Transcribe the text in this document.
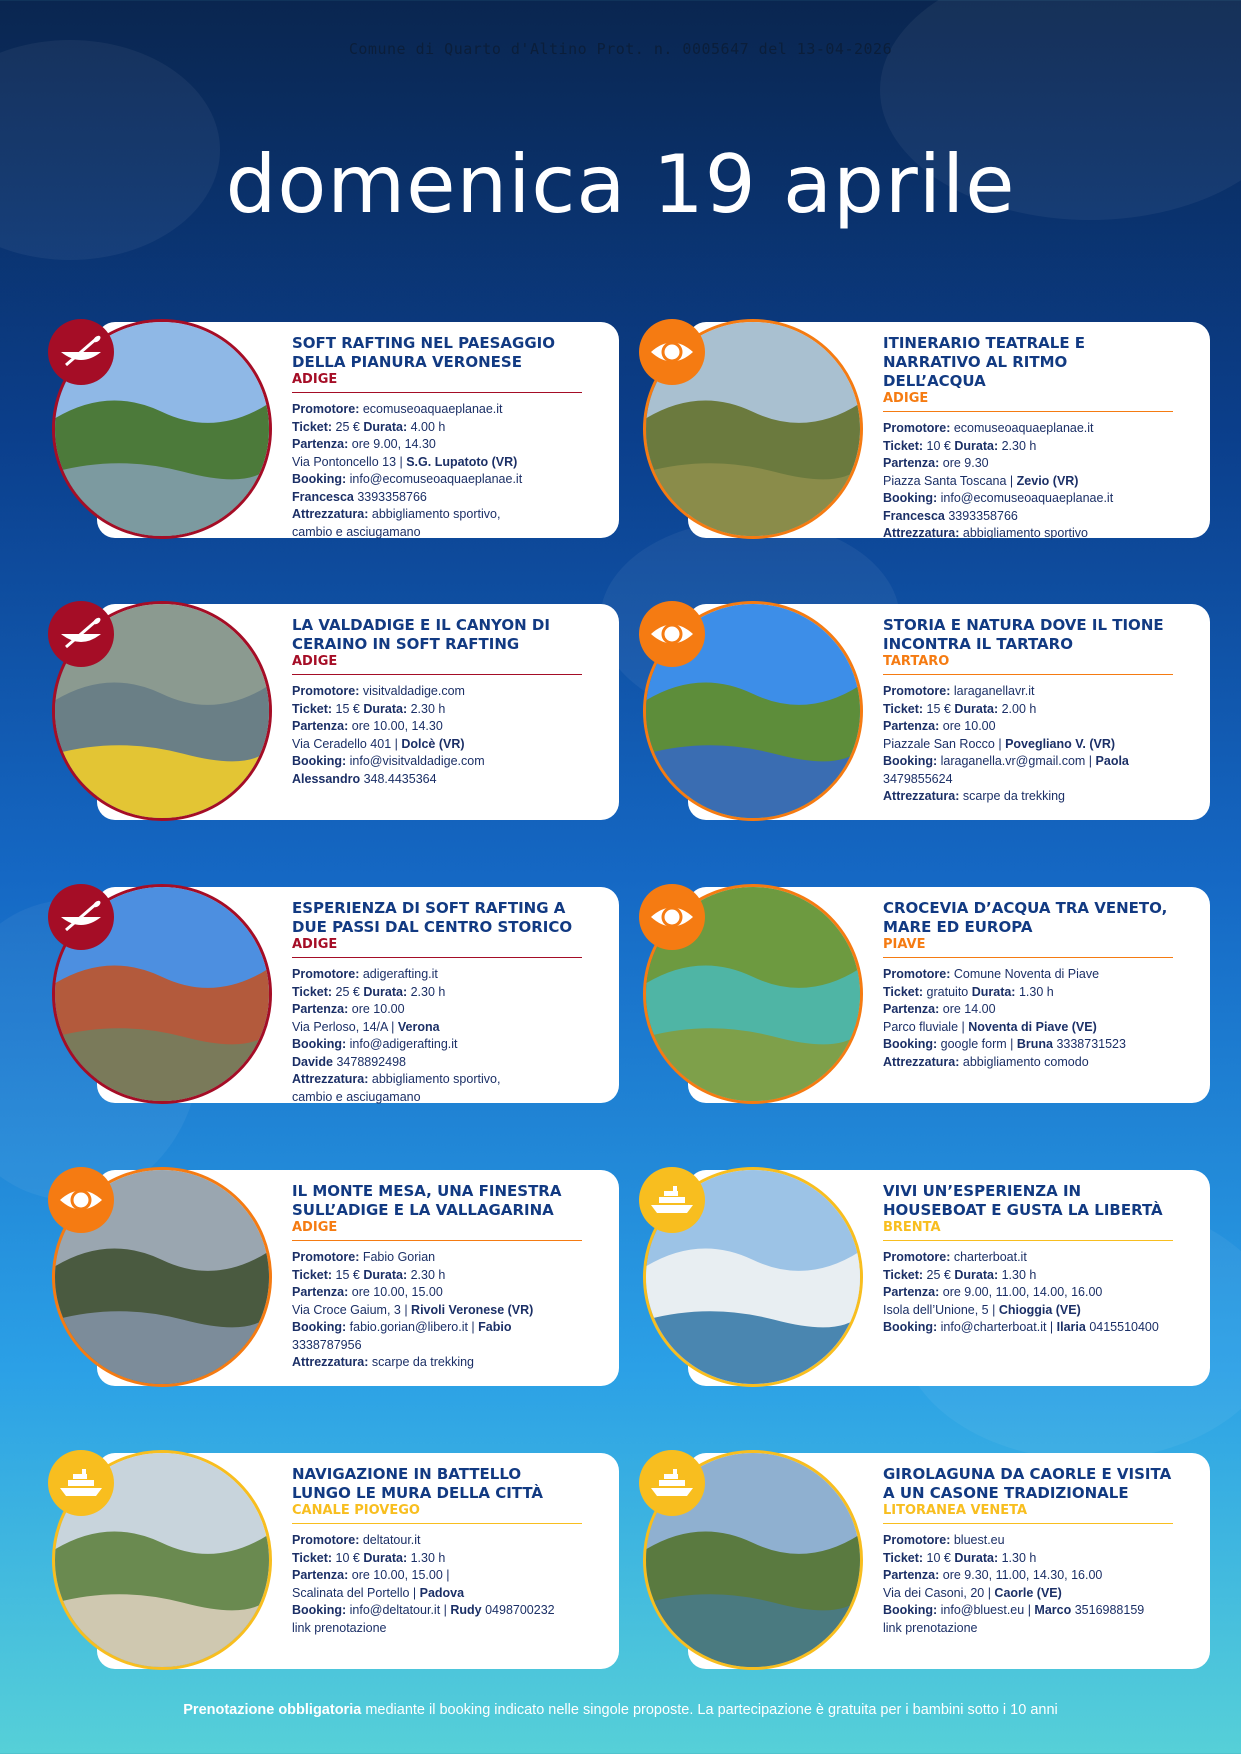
Comune di Quarto d'Altino Prot. n. 0005647 del 13-04-2026
domenica 19 aprile
SOFT RAFTING NEL PAESAGGIO DELLA PIANURA VERONESE
ADIGE
Promotore: ecomuseoaquaeplanae.it
Ticket: 25 € Durata: 4.00 h
Partenza: ore 9.00, 14.30
Via Pontoncello 13 | S.G. Lupatoto (VR)
Booking: info@ecomuseoaquaeplanae.it
Francesca 3393358766
Attrezzatura: abbigliamento sportivo,
cambio e asciugamano
ITINERARIO TEATRALE E NARRATIVO AL RITMO DELL’ACQUA
ADIGE
Promotore: ecomuseoaquaeplanae.it
Ticket: 10 € Durata: 2.30 h
Partenza: ore 9.30
Piazza Santa Toscana | Zevio (VR)
Booking: info@ecomuseoaquaeplanae.it
Francesca 3393358766
Attrezzatura: abbigliamento sportivo
LA VALDADIGE E IL CANYON DI CERAINO IN SOFT RAFTING
ADIGE
Promotore: visitvaldadige.com
Ticket: 15 € Durata: 2.30 h
Partenza: ore 10.00, 14.30
Via Ceradello 401 | Dolcè (VR)
Booking: info@visitvaldadige.com
Alessandro 348.4435364
STORIA E NATURA DOVE IL TIONE INCONTRA IL TARTARO
TARTARO
Promotore: laraganellavr.it
Ticket: 15 € Durata: 2.00 h
Partenza: ore 10.00
Piazzale San Rocco | Povegliano V. (VR)
Booking: laraganella.vr@gmail.com | Paola
3479855624
Attrezzatura: scarpe da trekking
ESPERIENZA DI SOFT RAFTING A DUE PASSI DAL CENTRO STORICO
ADIGE
Promotore: adigerafting.it
Ticket: 25 € Durata: 2.30 h
Partenza: ore 10.00
Via Perloso, 14/A | Verona
Booking: info@adigerafting.it
Davide 3478892498
Attrezzatura: abbigliamento sportivo,
cambio e asciugamano
CROCEVIA D’ACQUA TRA VENETO, MARE ED EUROPA
PIAVE
Promotore: Comune Noventa di Piave
Ticket: gratuito Durata: 1.30 h
Partenza: ore 14.00
Parco fluviale | Noventa di Piave (VE)
Booking: google form | Bruna 3338731523
Attrezzatura: abbigliamento comodo
IL MONTE MESA, UNA FINESTRA SULL’ADIGE E LA VALLAGARINA
ADIGE
Promotore: Fabio Gorian
Ticket: 15 € Durata: 2.30 h
Partenza: ore 10.00, 15.00
Via Croce Gaium, 3 | Rivoli Veronese (VR)
Booking: fabio.gorian@libero.it | Fabio 3338787956
Attrezzatura: scarpe da trekking
VIVI UN’ESPERIENZA IN HOUSEBOAT E GUSTA LA LIBERTÀ
BRENTA
Promotore: charterboat.it
Ticket: 25 € Durata: 1.30 h
Partenza: ore 9.00, 11.00, 14.00, 16.00
Isola dell’Unione, 5 | Chioggia (VE)
Booking: info@charterboat.it | Ilaria 0415510400
NAVIGAZIONE IN BATTELLO LUNGO LE MURA DELLA CITTÀ
CANALE PIOVEGO
Promotore: deltatour.it
Ticket: 10 € Durata: 1.30 h
Partenza: ore 10.00, 15.00 |
Scalinata del Portello | Padova
Booking: info@deltatour.it | Rudy 0498700232
link prenotazione
GIROLAGUNA DA CAORLE E VISITA A UN CASONE TRADIZIONALE
LITORANEA VENETA
Promotore: bluest.eu
Ticket: 10 € Durata: 1.30 h
Partenza: ore 9.30, 11.00, 14.30, 16.00
Via dei Casoni, 20 | Caorle (VE)
Booking: info@bluest.eu | Marco 3516988159
link prenotazione
Prenotazione obbligatoria mediante il booking indicato nelle singole proposte. La partecipazione è gratuita per i bambini sotto i 10 anni
